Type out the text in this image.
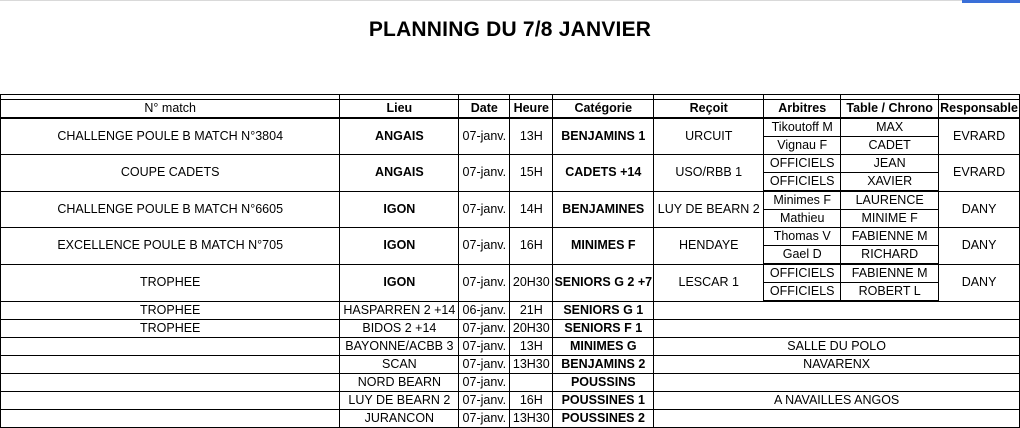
PLANNING DU 7/8 JANVIER

N° match	Lieu	Date	Heure	Catégorie	Reçoit	Arbitres	Table / Chrono	Responsable
CHALLENGE POULE B MATCH N°3804	ANGAIS	07-janv.	13H	BENJAMINS 1	URCUIT	Tikoutoff M	MAX	EVRARD
						Vignau F	CADET	
COUPE CADETS	ANGAIS	07-janv.	15H	CADETS +14	USO/RBB 1	OFFICIELS	JEAN	EVRARD
						OFFICIELS	XAVIER	
CHALLENGE POULE B MATCH N°6605	IGON	07-janv.	14H	BENJAMINES	LUY DE BEARN 2	Minimes F	LAURENCE	DANY
						Mathieu	MINIME F	
EXCELLENCE POULE B MATCH N°705	IGON	07-janv.	16H	MINIMES F	HENDAYE	Thomas V	FABIENNE M	DANY
						Gael D	RICHARD	
TROPHEE	IGON	07-janv.	20H30	SENIORS G 2 +7	LESCAR 1	OFFICIELS	FABIENNE M	DANY
						OFFICIELS	ROBERT L	
TROPHEE	HASPARREN 2 +14	06-janv.	21H	SENIORS G 1				
TROPHEE	BIDOS 2 +14	07-janv.	20H30	SENIORS F 1				
	BAYONNE/ACBB 3	07-janv.	13H	MINIMES G	SALLE DU POLO			
	SCAN	07-janv.	13H30	BENJAMINS 2	NAVARENX			
	NORD BEARN	07-janv.		POUSSINS				
	LUY DE BEARN 2	07-janv.	16H	POUSSINES 1	A NAVAILLES ANGOS			
	JURANCON	07-janv.	13H30	POUSSINES 2				
